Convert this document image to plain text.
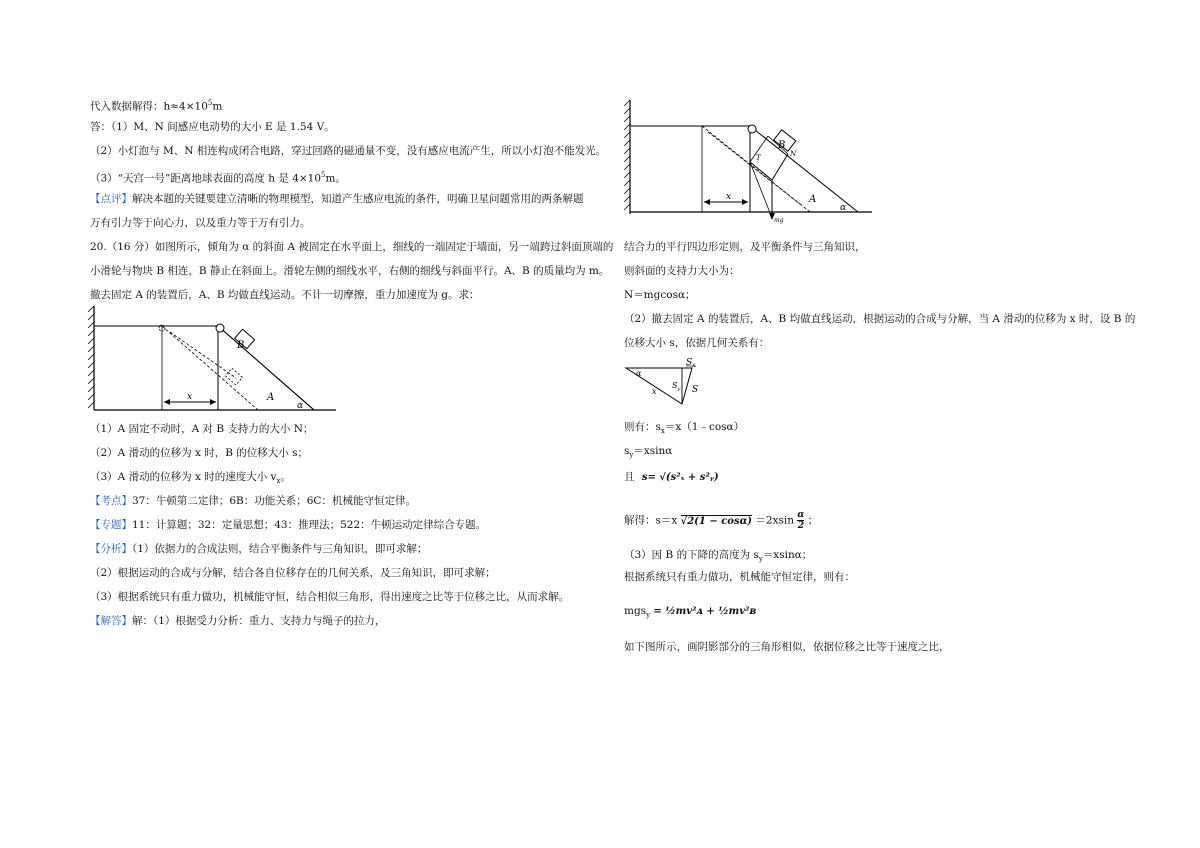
代入数据解得：$h\approx 4\times 10^5m$
答：（1）M、N 间感应电动势的大小 E 是 1.54 V。
（2）小灯泡与 M、N 相连构成闭合电路，穿过回路的磁通量不变，没有感应电流产生，所以小灯泡不能发光。
（3）“天宫一号”距离地球表面的高度 h 是 $4\times 10^5m$。
【点评】解决本题的关键要建立清晰的物理模型，知道产生感应电流的条件，明确卫星问题常用的两条解题
万有引力等于向心力，以及重力等于万有引力。
20.（16 分）如图所示，倾角为 α 的斜面 A 被固定在水平面上，细线的一端固定于墙面，另一端跨过斜面顶端的
小滑轮与物块 B 相连，B 静止在斜面上。滑轮左侧的细线水平，右侧的细线与斜面平行。A、B 的质量均为 m。
撤去固定 A 的装置后，A、B 均做直线运动。不计一切摩擦，重力加速度为 g。求：
x
B
A
α
（1）A 固定不动时，A 对 B 支持力的大小 N；
（2）A 滑动的位移为 x 时，B 的位移大小 s；
（3）A 滑动的位移为 x 时的速度大小 $v_x$。
【考点】37：牛顿第二定律；6B：功能关系；6C：机械能守恒定律。
【专题】11：计算题；32：定量思想；43：推理法；522：牛顿运动定律综合专题。
【分析】（1）依据力的合成法则，结合平衡条件与三角知识，即可求解；
（2）根据运动的合成与分解，结合各自位移存在的几何关系，及三角知识，即可求解；
（3）根据系统只有重力做功，机械能守恒，结合相似三角形，得出速度之比等于位移之比，从而求解。
【解答】解：（1）根据受力分析：重力、支持力与绳子的拉力，
x
B
A
α
T	N
mg
结合力的平行四边形定则，及平衡条件与三角知识，
则斜面的支持力大小为：
N＝mgcosα；
（2）撤去固定 A 的装置后，A、B 均做直线运动，根据运动的合成与分解，当 A 滑动的位移为 x 时，设 B 的
位移大小 s，依据几何关系有：
$S_x$
$S_y$ S
α
x
则有：$s_x=x(1﹣\cos\alpha)$
$s_y=xsin\alpha$
且 s= √(s²ₓ + s²ᵧ)
解得：s＝x $√2(1 - \cos\alpha) =2xsin \frac{\alpha}{2}$ ；
（3）因 B 的下降的高度为 $s_y=xsin\alpha$；
根据系统只有重力做功，机械能守恒定律，则有：
mgs$_y$ = ½mv²ᴀ + ½mv²ʙ
如下图所示，画阴影部分的三角形相似，依据位移之比等于速度之比，
